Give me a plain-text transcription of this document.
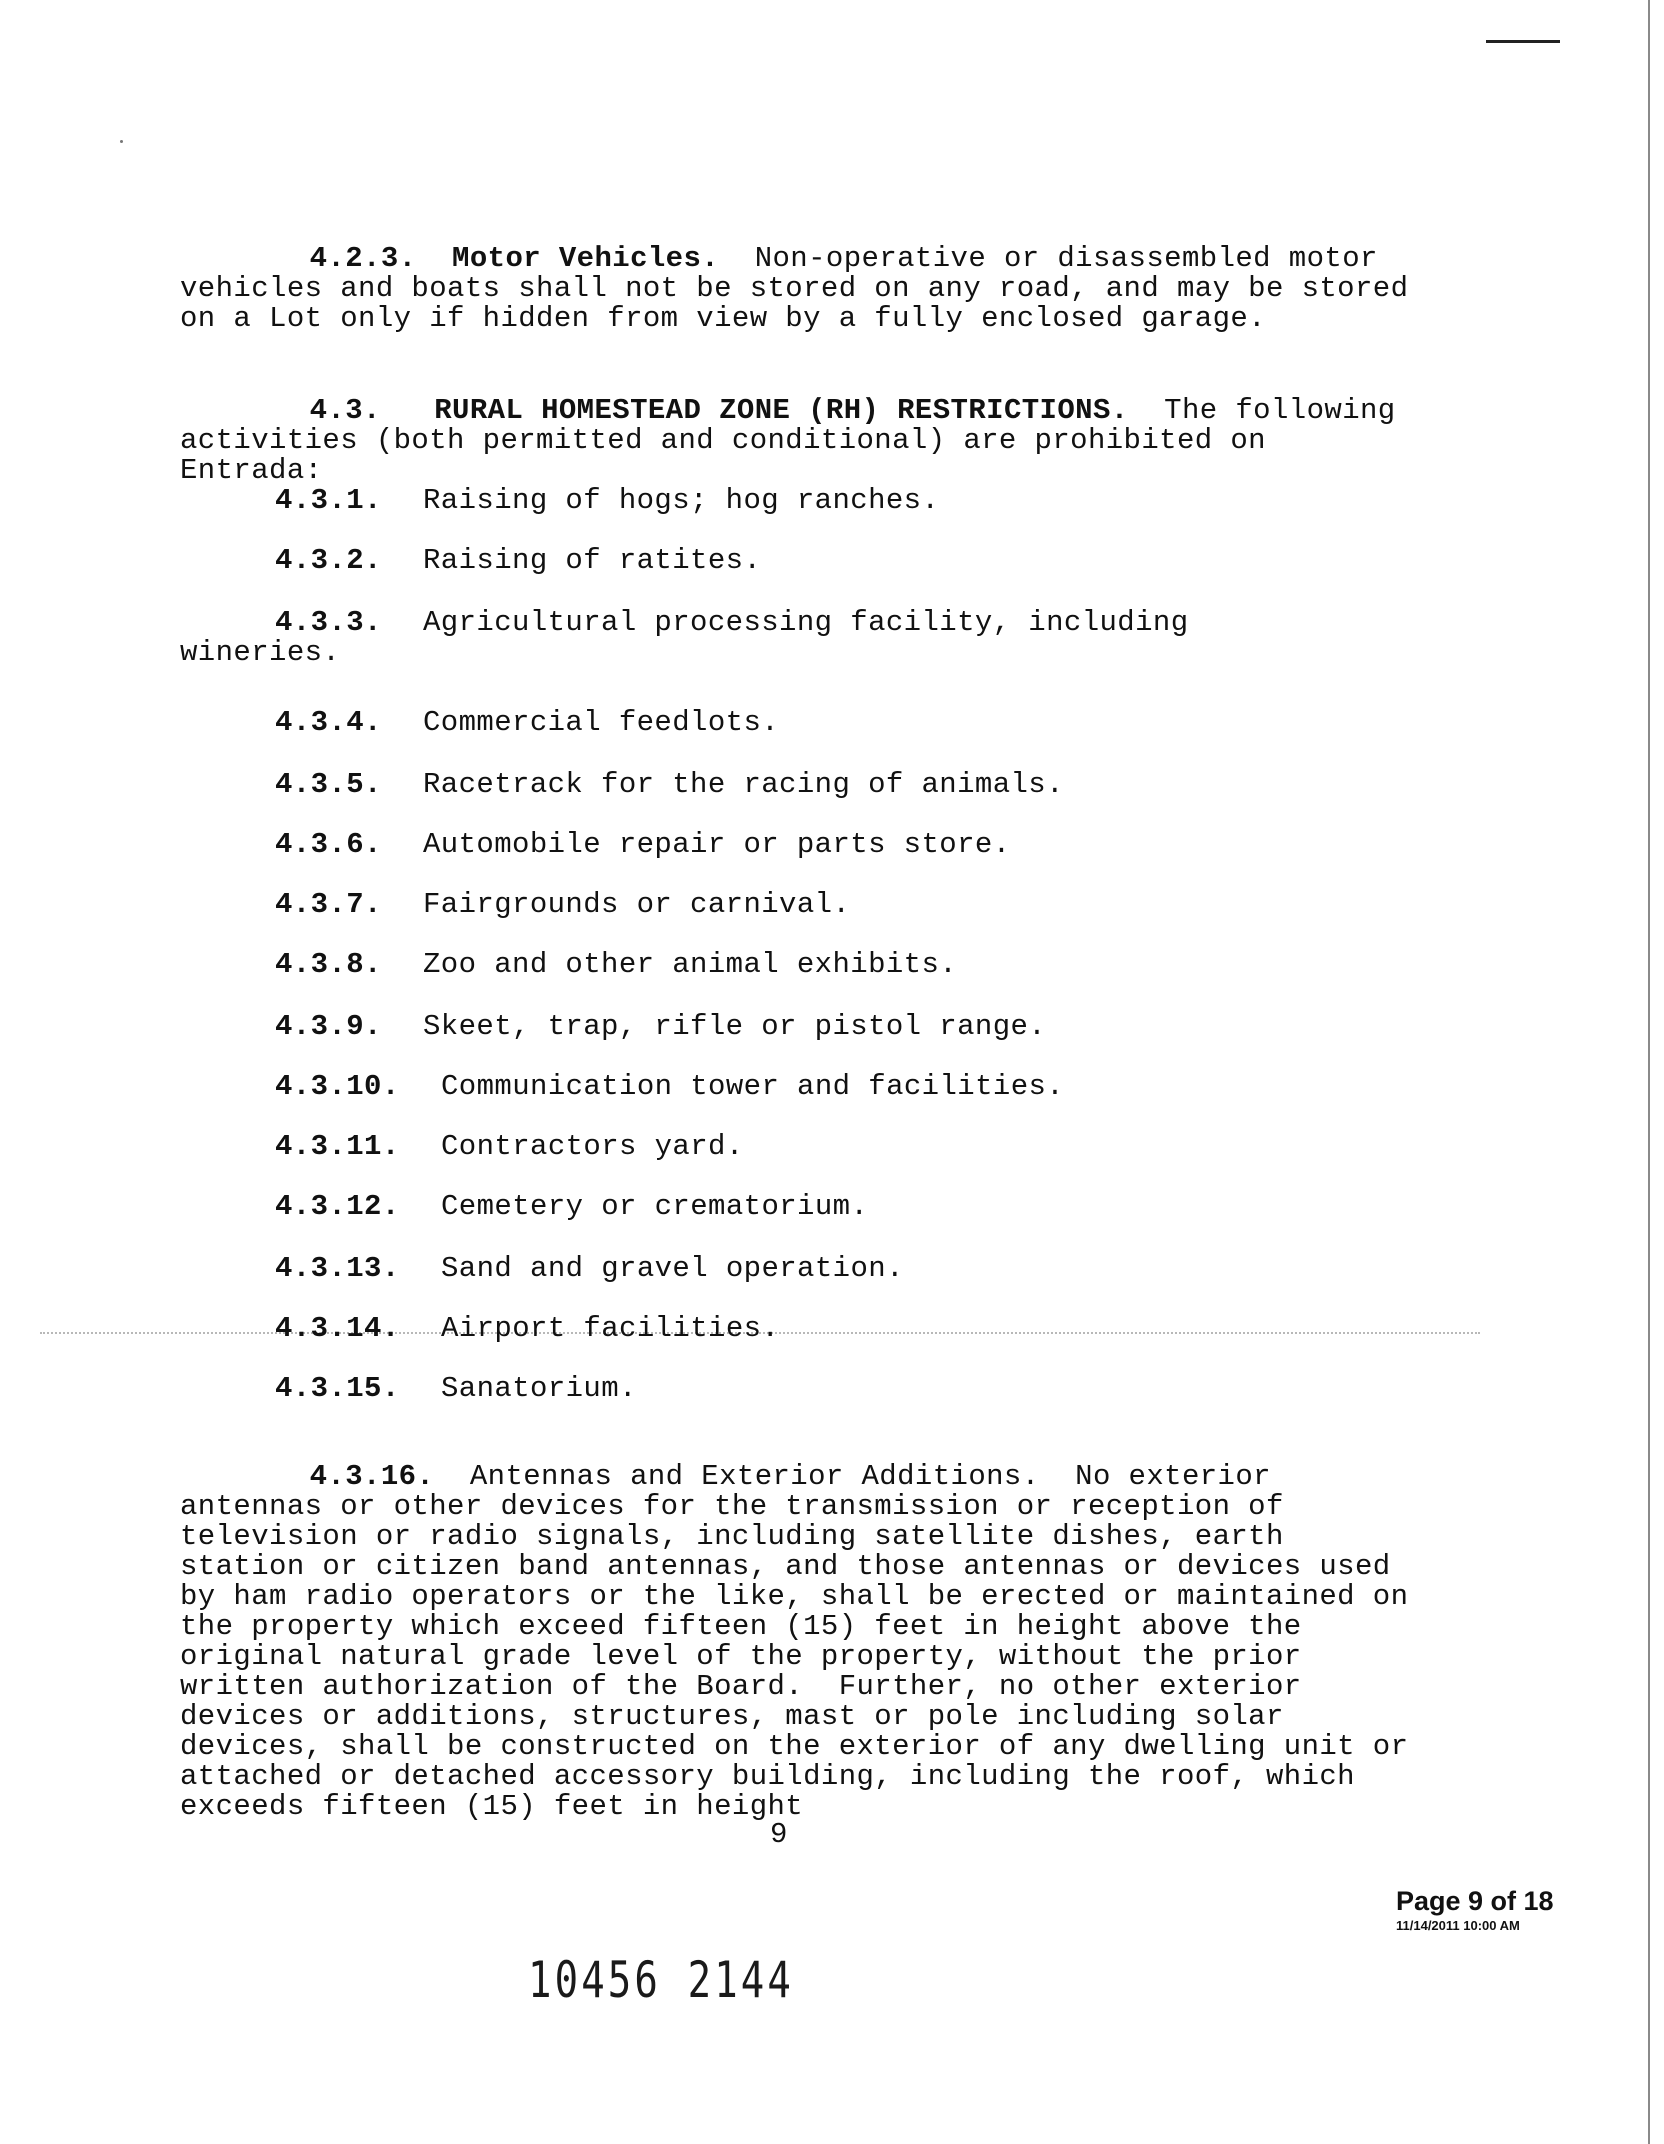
4.2.3. Motor Vehicles. Non-operative or disassembled motor vehicles and boats shall not be stored on any road, and may be stored on a Lot only if hidden from view by a fully enclosed garage.

4.3. RURAL HOMESTEAD ZONE (RH) RESTRICTIONS. The following activities (both permitted and conditional) are prohibited on Entrada:

4.3.1. Raising of hogs; hog ranches.
4.3.2. Raising of ratites.
4.3.3. Agricultural processing facility, including
wineries.
4.3.4. Commercial feedlots.
4.3.5. Racetrack for the racing of animals.
4.3.6. Automobile repair or parts store.
4.3.7. Fairgrounds or carnival.
4.3.8. Zoo and other animal exhibits.
4.3.9. Skeet, trap, rifle or pistol range.
4.3.10. Communication tower and facilities.
4.3.11. Contractors yard.
4.3.12. Cemetery or crematorium.
4.3.13. Sand and gravel operation.
4.3.14. Airport facilities.
4.3.15. Sanatorium.

4.3.16. Antennas and Exterior Additions.  No exterior antennas or other devices for the transmission or reception of television or radio signals, including satellite dishes, earth station or citizen band antennas, and those antennas or devices used by ham radio operators or the like, shall be erected or maintained on the property which exceed fifteen (15) feet in height above the original natural grade level of the property, without the prior written authorization of the Board.  Further, no other exterior devices or additions, structures, mast or pole including solar devices, shall be constructed on the exterior of any dwelling unit or attached or detached accessory building, including the roof, which exceeds fifteen (15) feet in height

9
Page 9 of 18
11/14/2011 10:00 AM
10456 2144
